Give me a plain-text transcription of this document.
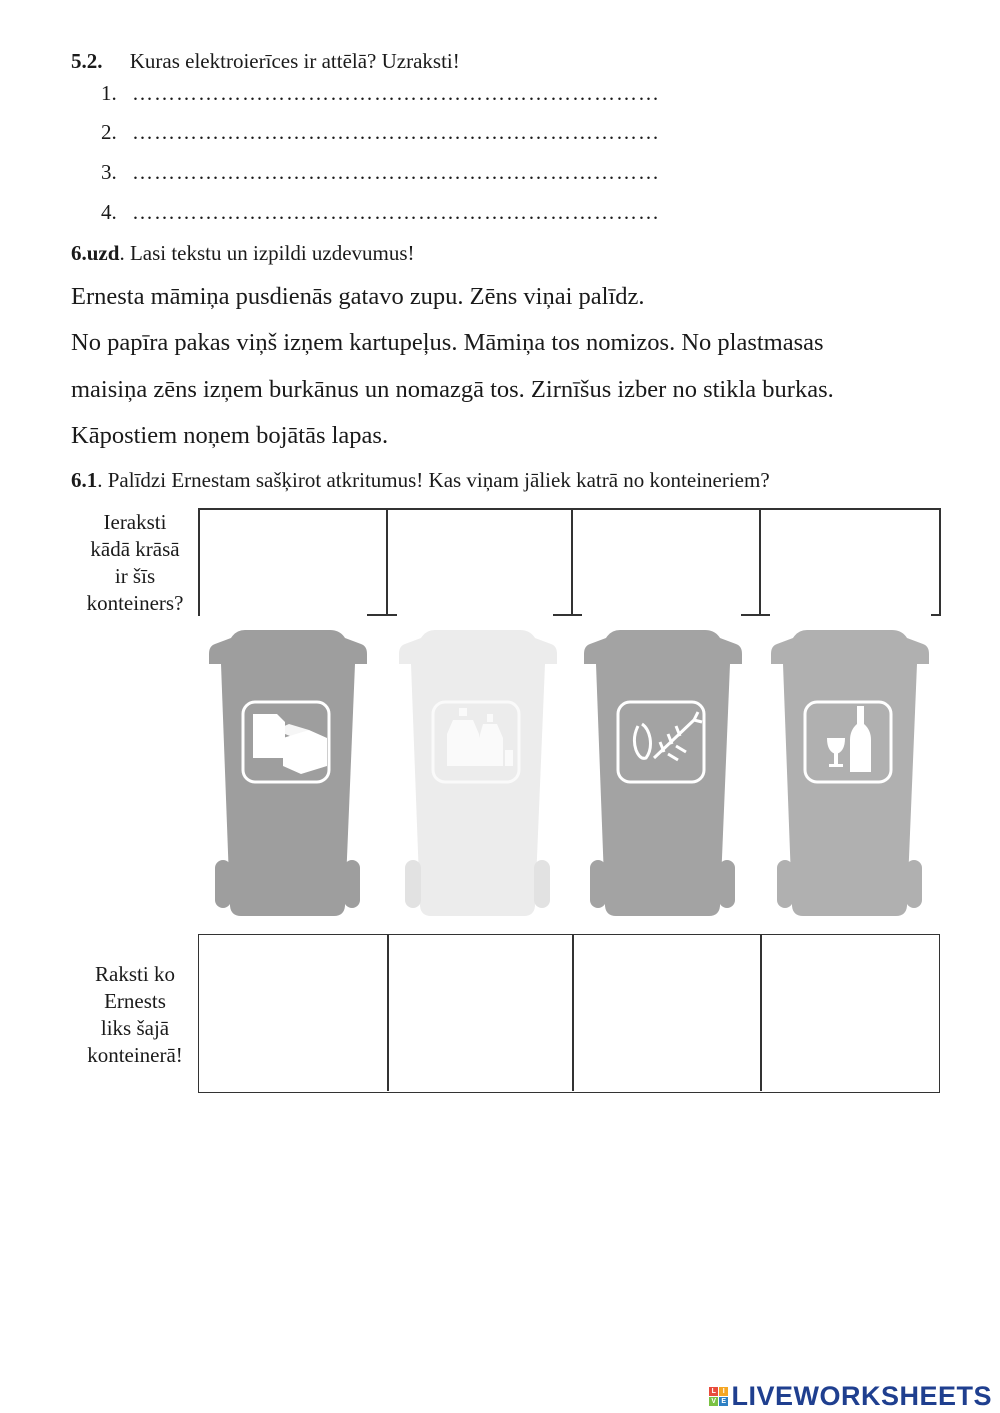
5.2. Kuras elektroierīces ir attēlā? Uzraksti!
1. ………………………………………………………………
2. ………………………………………………………………
3. ………………………………………………………………
4. ………………………………………………………………
6.uzd. Lasi tekstu un izpildi uzdevumus!
Ernesta māmiņa pusdienās gatavo zupu. Zēns viņai palīdz.
No papīra pakas viņš izņem kartupeļus. Māmiņa tos nomizos. No plastmasas
maisiņa zēns izņem burkānus un nomazgā tos. Zirnīšus izber no stikla burkas.
Kāpostiem noņem bojātās lapas.
6.1. Palīdzi Ernestam sašķirot atkritumus! Kas viņam jāliek katrā no konteineriem?
Ieraksti
kādā krāsā
ir šīs
konteiners?
Raksti ko
Ernests
liks šajā
konteinerā!
L I
V E LIVEWORKSHEETS
